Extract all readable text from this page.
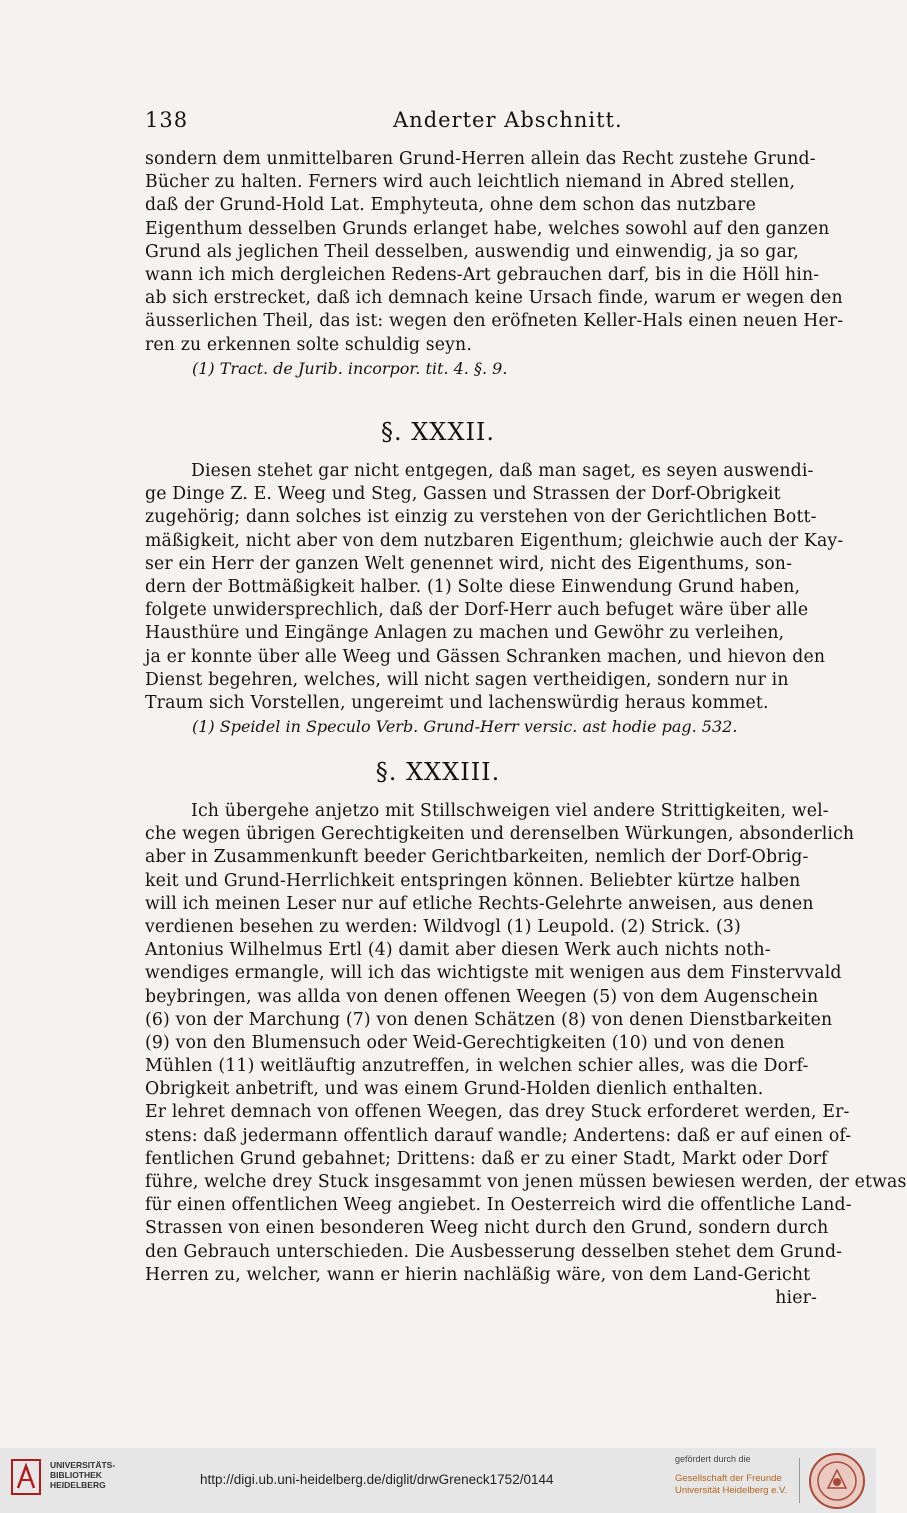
138	Anderter Abschnitt.
sondern dem unmittelbaren Grund-Herren allein das Recht zustehe Grund-
Bücher zu halten. Ferners wird auch leichtlich niemand in Abred stellen,
daß der Grund-Hold Lat. Emphyteuta, ohne dem schon das nutzbare
Eigenthum desselben Grunds erlanget habe, welches sowohl auf den ganzen
Grund als jeglichen Theil desselben, auswendig und einwendig, ja so gar,
wann ich mich dergleichen Redens-Art gebrauchen darf, bis in die Höll hin-
ab sich erstrecket, daß ich demnach keine Ursach finde, warum er wegen den
äusserlichen Theil, das ist: wegen den eröfneten Keller-Hals einen neuen Her-
ren zu erkennen solte schuldig seyn.
(1) Tract. de Jurib. incorpor. tit. 4. §. 9.
§. XXXII.
Diesen stehet gar nicht entgegen, daß man saget, es seyen auswendi-
ge Dinge Z. E. Weeg und Steg, Gassen und Strassen der Dorf-Obrigkeit
zugehörig; dann solches ist einzig zu verstehen von der Gerichtlichen Bott-
mäßigkeit, nicht aber von dem nutzbaren Eigenthum; gleichwie auch der Kay-
ser ein Herr der ganzen Welt genennet wird, nicht des Eigenthums, son-
dern der Bottmäßigkeit halber. (1) Solte diese Einwendung Grund haben,
folgete unwidersprechlich, daß der Dorf-Herr auch befuget wäre über alle
Hausthüre und Eingänge Anlagen zu machen und Gewöhr zu verleihen,
ja er konnte über alle Weeg und Gässen Schranken machen, und hievon den
Dienst begehren, welches, will nicht sagen vertheidigen, sondern nur in
Traum sich Vorstellen, ungereimt und lachenswürdig heraus kommet.
(1) Speidel in Speculo Verb. Grund-Herr versic. ast hodie pag. 532.
§. XXXIII.
Ich übergehe anjetzo mit Stillschweigen viel andere Strittigkeiten, wel-
che wegen übrigen Gerechtigkeiten und derenselben Würkungen, absonderlich
aber in Zusammenkunft beeder Gerichtbarkeiten, nemlich der Dorf-Obrig-
keit und Grund-Herrlichkeit entspringen können. Beliebter kürtze halben
will ich meinen Leser nur auf etliche Rechts-Gelehrte anweisen, aus denen
verdienen besehen zu werden: Wildvogl (1) Leupold. (2) Strick. (3)
Antonius Wilhelmus Ertl (4) damit aber diesen Werk auch nichts noth-
wendiges ermangle, will ich das wichtigste mit wenigen aus dem Finstervvald
beybringen, was allda von denen offenen Weegen (5) von dem Augenschein
(6) von der Marchung (7) von denen Schätzen (8) von denen Dienstbarkeiten
(9) von den Blumensuch oder Weid-Gerechtigkeiten (10) und von denen
Mühlen (11) weitläuftig anzutreffen, in welchen schier alles, was die Dorf-
Obrigkeit anbetrift, und was einem Grund-Holden dienlich enthalten.
Er lehret demnach von offenen Weegen, das drey Stuck erforderet werden, Er-
stens: daß jedermann offentlich darauf wandle; Andertens: daß er auf einen of-
fentlichen Grund gebahnet; Drittens: daß er zu einer Stadt, Markt oder Dorf
führe, welche drey Stuck insgesammt von jenen müssen bewiesen werden, der etwas
für einen offentlichen Weeg angiebet. In Oesterreich wird die offentliche Land-
Strassen von einen besonderen Weeg nicht durch den Grund, sondern durch
den Gebrauch unterschieden. Die Ausbesserung desselben stehet dem Grund-
Herren zu, welcher, wann er hierin nachläßig wäre, von dem Land-Gericht
hier-
UNIVERSITÄTS-
BIBLIOTHEK
HEIDELBERG	http://digi.ub.uni-heidelberg.de/diglit/drwGreneck1752/0144
gefördert durch die
Gesellschaft der Freunde
Universität Heidelberg e.V.
